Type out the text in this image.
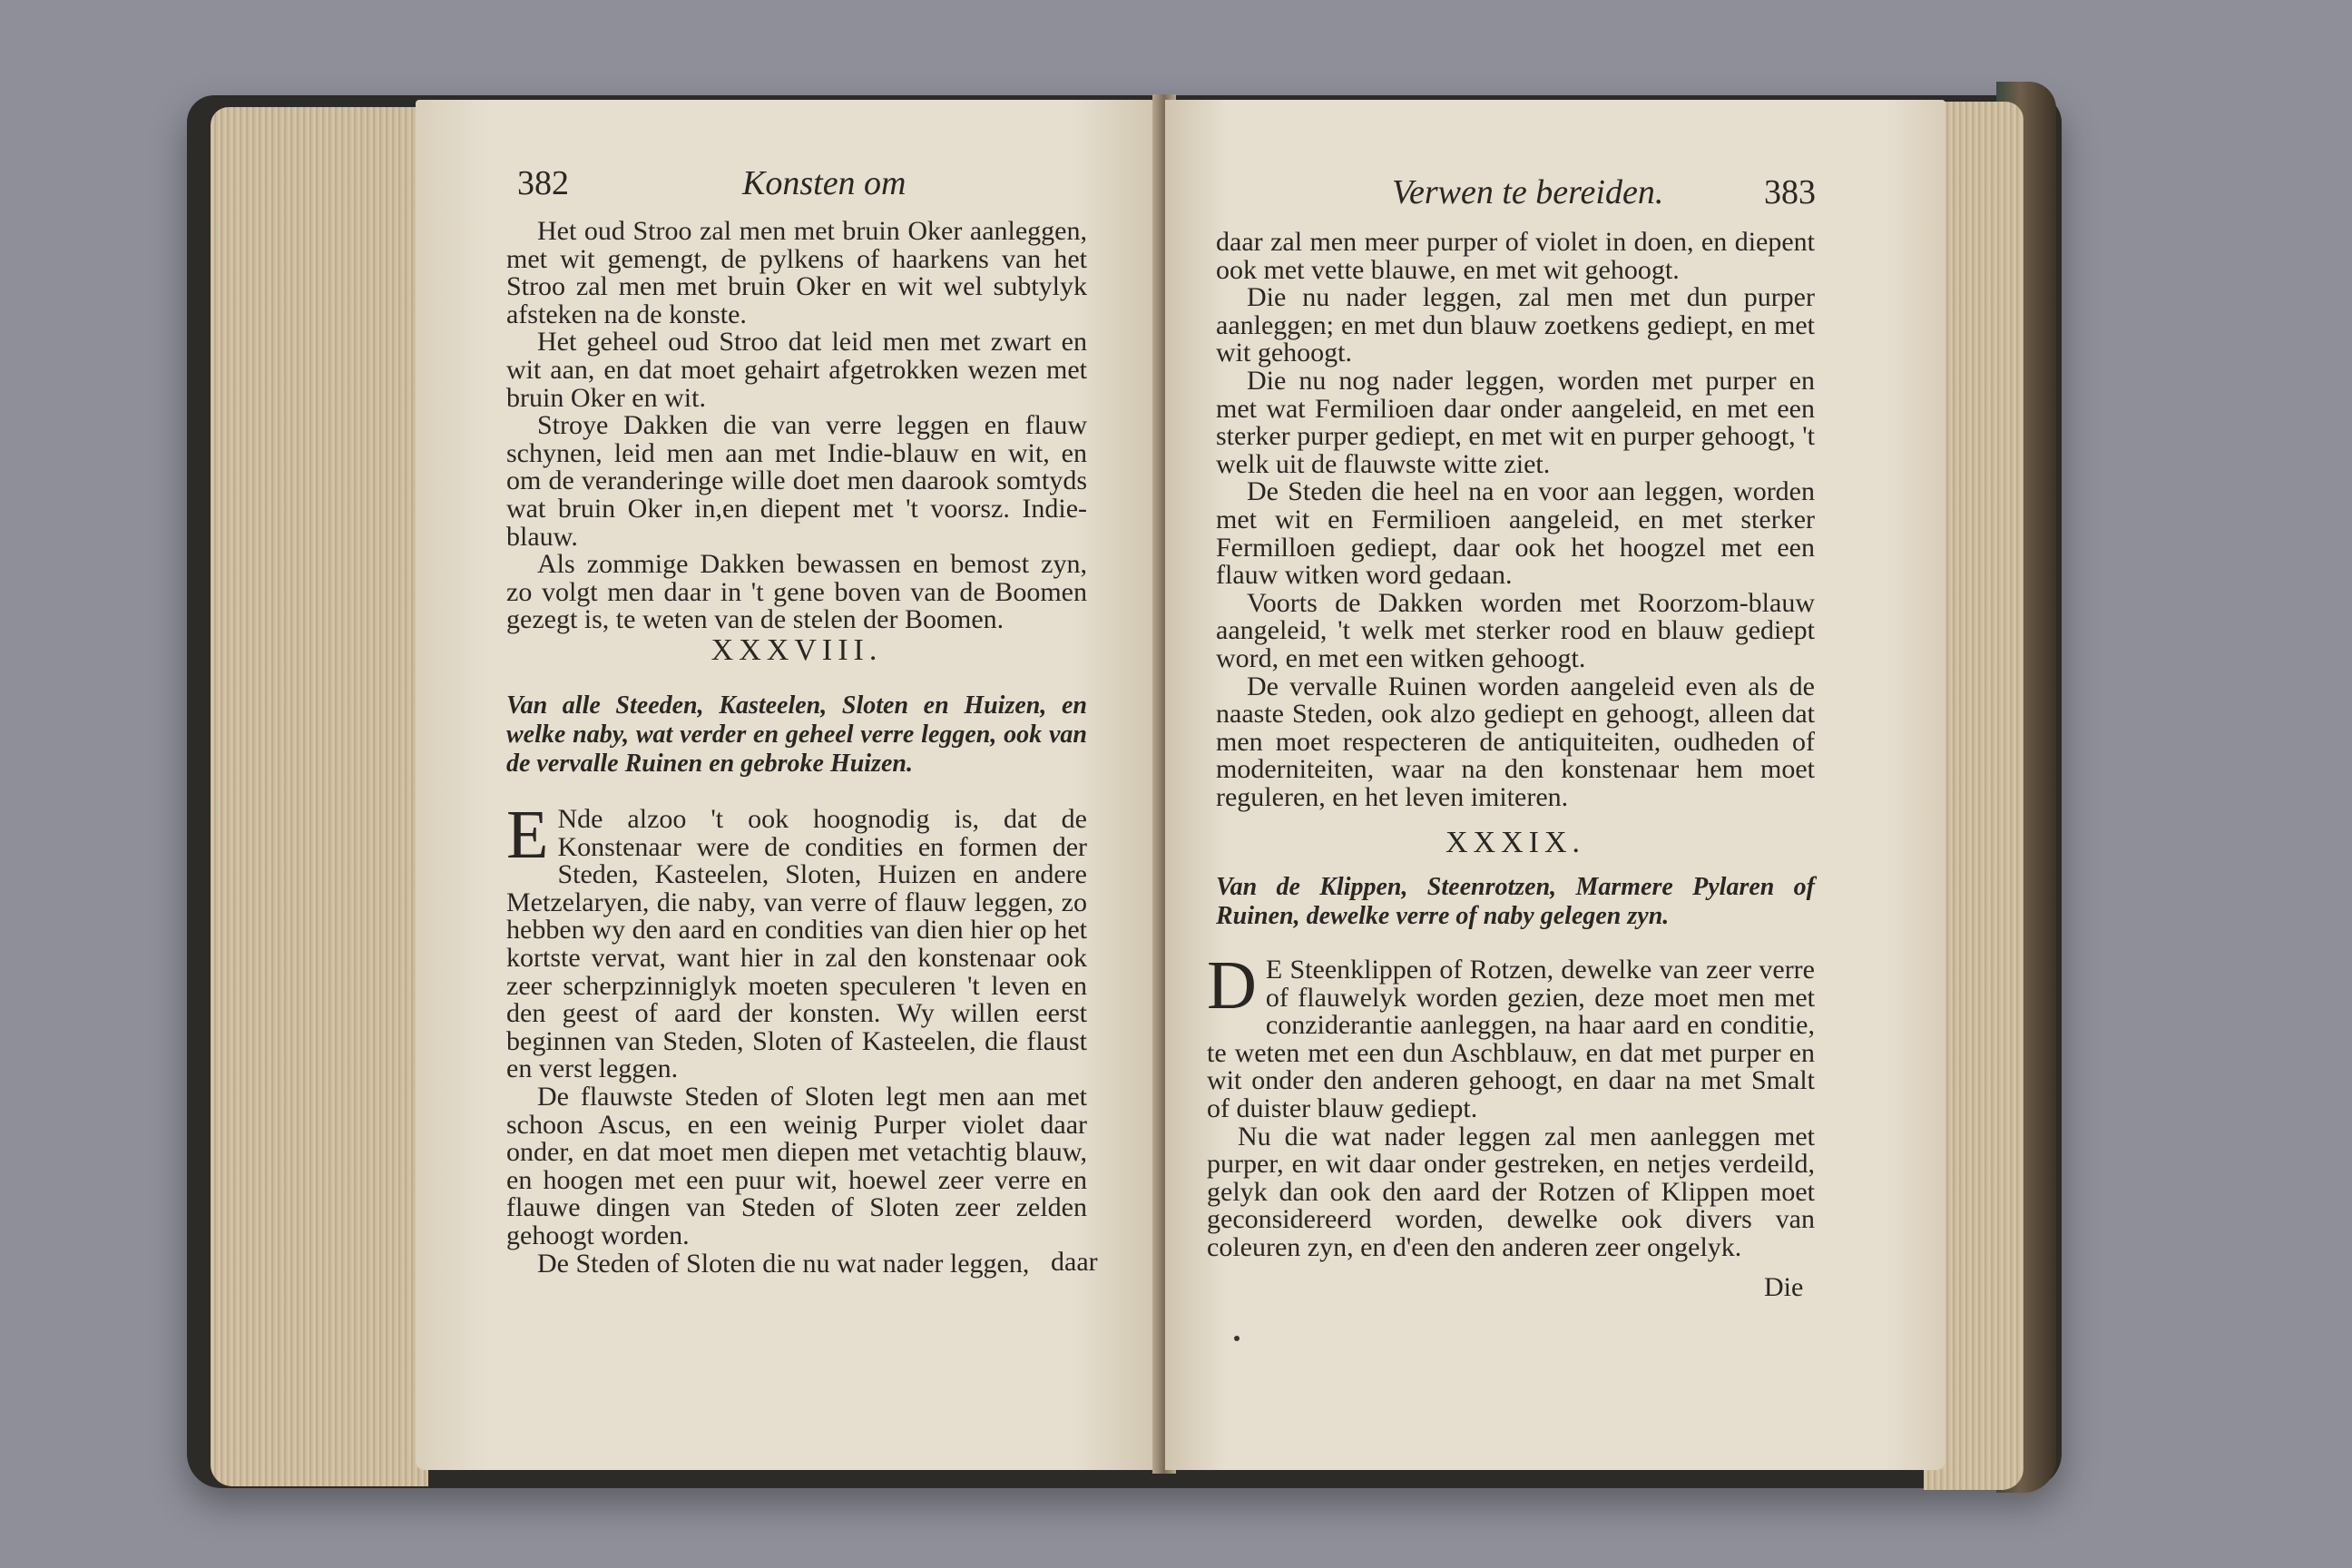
382	Konsten om

Het oud Stroo zal men met bruin Oker aanleggen, met wit gemengt, de pylkens of haarkens van het Stroo zal men met bruin Oker en wit wel subtylyk afsteken na de konste.

Het geheel oud Stroo dat leid men met zwart en wit aan, en dat moet gehairt afgetrokken wezen met bruin Oker en wit.

Stroye Dakken die van verre leggen en flauw schynen, leid men aan met Indie-blauw en wit, en om de veranderinge wille doet men daarook somtyds wat bruin Oker in,en diepent met 't voorsz. Indie-blauw.

Als zommige Dakken bewassen en bemost zyn, zo volgt men daar in 't gene boven van de Boomen gezegt is, te weten van de stelen der Boomen.

XXXVIII.
Van alle Steeden, Kasteelen, Sloten en Huizen, en welke naby, wat verder en geheel verre leggen, ook van de vervalle Ruinen en gebroke Huizen.

E Nde alzoo 't ook hoognodig is, dat de Konstenaar were de condities en formen der Steden, Kasteelen, Sloten, Huizen en andere Metzelaryen, die naby, van verre of flauw leggen, zo hebben wy den aard en condities van dien hier op het kortste vervat, want hier in zal den konstenaar ook zeer scherpzinniglyk moeten speculeren 't leven en den geest of aard der konsten. Wy willen eerst beginnen van Steden, Sloten of Kasteelen, die flaust en verst leggen.

De flauwste Steden of Sloten legt men aan met schoon Ascus, en een weinig Purper violet daar onder, en dat moet men diepen met vetachtig blauw, en hoogen met een puur wit, hoewel zeer verre en flauwe dingen van Steden of Sloten zeer zelden gehoogt worden.

De Steden of Sloten die nu wat nader leggen, daar
Verwen te bereiden.	383

daar zal men meer purper of violet in doen, en diepent ook met vette blauwe, en met wit gehoogt.

Die nu nader leggen, zal men met dun purper aanleggen; en met dun blauw zoetkens gediept, en met wit gehoogt.

Die nu nog nader leggen, worden met purper en met wat Fermilioen daar onder aangeleid, en met een sterker purper gediept, en met wit en purper gehoogt, 't welk uit de flauwste witte ziet.

De Steden die heel na en voor aan leggen, worden met wit en Fermilioen aangeleid, en met sterker Fermilloen gediept, daar ook het hoogzel met een flauw witken word gedaan.

Voorts de Dakken worden met Roorzom-blauw aangeleid, 't welk met sterker rood en blauw gediept word, en met een witken gehoogt.

De vervalle Ruinen worden aangeleid even als de naaste Steden, ook alzo gediept en gehoogt, alleen dat men moet respecteren de antiquiteiten, oudheden of moderniteiten, waar na den konstenaar hem moet reguleren, en het leven imiteren.

XXXIX.
Van de Klippen, Steenrotzen, Marmere Pylaren of Ruinen, dewelke verre of naby gelegen zyn.

D E Steenklippen of Rotzen, dewelke van zeer verre of flauwelyk worden gezien, deze moet men met conziderantie aanleggen, na haar aard en conditie, te weten met een dun Aschblauw, en dat met purper en wit onder den anderen gehoogt, en daar na met Smalt of duister blauw gediept.

Nu die wat nader leggen zal men aanleggen met purper, en wit daar onder gestreken, en netjes verdeild, gelyk dan ook den aard der Rotzen of Klippen moet geconsidereerd worden, dewelke ook divers van coleuren zyn, en d'een den anderen zeer ongelyk.

Die
